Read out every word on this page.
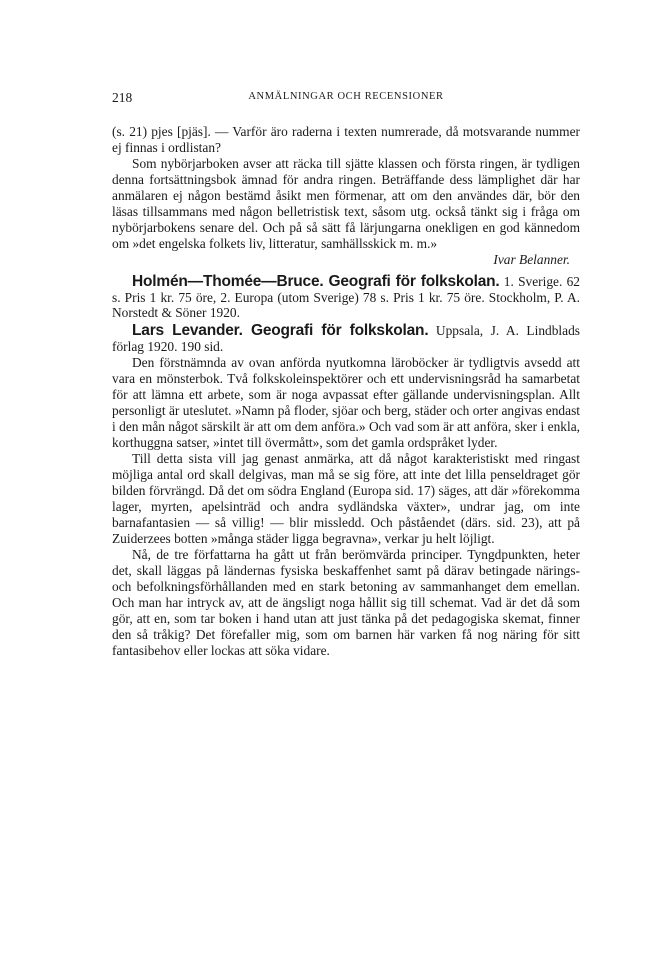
218	ANMÄLNINGAR OCH RECENSIONER

(s. 21) pjes [pjäs]. — Varför äro raderna i texten numrerade, då motsvarande nummer ej finnas i ordlistan?

Som nybörjarboken avser att räcka till sjätte klassen och första ringen, är tydligen denna fortsättningsbok ämnad för andra ringen. Beträffande dess lämplighet där har anmälaren ej någon bestämd åsikt men förmenar, att om den användes där, bör den läsas tillsammans med någon belletristisk text, såsom utg. också tänkt sig i fråga om nybörjarbokens senare del. Och på så sätt få lärjungarna onekligen en god kännedom om »det engelska folkets liv, litteratur, samhällsskick m. m.»

Ivar Belanner.

Holmén—Thomée—Bruce. Geografi för folkskolan. 1. Sverige. 62 s. Pris 1 kr. 75 öre, 2. Europa (utom Sverige) 78 s. Pris 1 kr. 75 öre. Stockholm, P. A. Norstedt & Söner 1920.

Lars Levander. Geografi för folkskolan. Uppsala, J. A. Lindblads förlag 1920. 190 sid.

Den förstnämnda av ovan anförda nyutkomna läroböcker är tydligtvis avsedd att vara en mönsterbok. Två folkskoleinspektörer och ett undervisningsråd ha samarbetat för att lämna ett arbete, som är noga avpassat efter gällande undervisningsplan. Allt personligt är uteslutet. »Namn på floder, sjöar och berg, städer och orter angivas endast i den mån något särskilt är att om dem anföra.» Och vad som är att anföra, sker i enkla, korthuggna satser, »intet till övermått», som det gamla ordspråket lyder.

Till detta sista vill jag genast anmärka, att då något karakteristiskt med ringast möjliga antal ord skall delgivas, man må se sig före, att inte det lilla penseldraget gör bilden förvrängd. Då det om södra England (Europa sid. 17) säges, att där »förekomma lager, myrten, apelsinträd och andra sydländska växter», undrar jag, om inte barnafantasien — så villig! — blir missledd. Och påståendet (därs. sid. 23), att på Zuiderzees botten »många städer ligga begravna», verkar ju helt löjligt.

Nå, de tre författarna ha gått ut från berömvärda principer. Tyngdpunkten, heter det, skall läggas på ländernas fysiska beskaffenhet samt på därav betingade närings- och befolkningsförhållanden med en stark betoning av sammanhanget dem emellan. Och man har intryck av, att de ängsligt noga hållit sig till schemat. Vad är det då som gör, att en, som tar boken i hand utan att just tänka på det pedagogiska skemat, finner den så tråkig? Det förefaller mig, som om barnen här varken få nog näring för sitt fantasibehov eller lockas att söka vidare.
